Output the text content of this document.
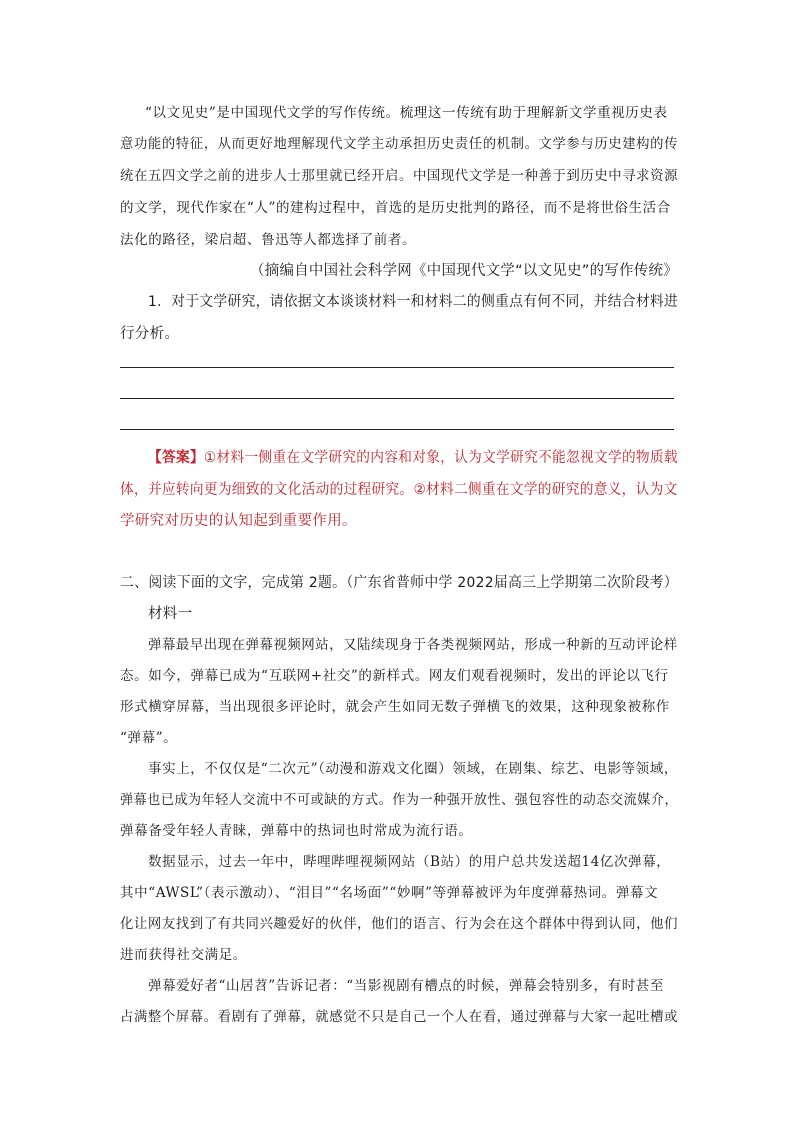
“以文见史”是中国现代文学的写作传统。梳理这一传统有助于理解新文学重视历史表
意功能的特征，从而更好地理解现代文学主动承担历史责任的机制。文学参与历史建构的传
统在五四文学之前的进步人士那里就已经开启。中国现代文学是一种善于到历史中寻求资源
的文学，现代作家在“人”的建构过程中，首选的是历史批判的路径，而不是将世俗生活合
法化的路径，梁启超、鲁迅等人都选择了前者。
（摘编自中国社会科学网《中国现代文学“以文见史”的写作传统》
1．对于文学研究，请依据文本谈谈材料一和材料二的侧重点有何不同，并结合材料进
行分析。
【答案】①材料一侧重在文学研究的内容和对象，认为文学研究不能忽视文学的物质载
体，并应转向更为细致的文化活动的过程研究。②材料二侧重在文学的研究的意义，认为文
学研究对历史的认知起到重要作用。
二、阅读下面的文字，完成第 2题。（广东省普师中学 2022届高三上学期第二次阶段考）
材料一
弹幕最早出现在弹幕视频网站，又陆续现身于各类视频网站，形成一种新的互动评论样
态。如今，弹幕已成为“互联网+社交”的新样式。网友们观看视频时，发出的评论以飞行
形式横穿屏幕，当出现很多评论时，就会产生如同无数子弹横飞的效果，这种现象被称作
“弹幕”。
事实上，不仅仅是“二次元”（动漫和游戏文化圈）领域，在剧集、综艺、电影等领域，
弹幕也已成为年轻人交流中不可或缺的方式。作为一种强开放性、强包容性的动态交流媒介，
弹幕备受年轻人青睐，弹幕中的热词也时常成为流行语。
数据显示，过去一年中，哔哩哔哩视频网站（B站）的用户总共发送超14亿次弹幕，
其中“AWSL”（表示激动）、“泪目”“名场面”“妙啊”等弹幕被评为年度弹幕热词。弹幕文
化让网友找到了有共同兴趣爱好的伙伴，他们的语言、行为会在这个群体中得到认同，他们
进而获得社交满足。
弹幕爱好者“山居苕”告诉记者：“当影视剧有槽点的时候，弹幕会特别多，有时甚至
占满整个屏幕。看剧有了弹幕，就感觉不只是自己一个人在看，通过弹幕与大家一起吐槽或
